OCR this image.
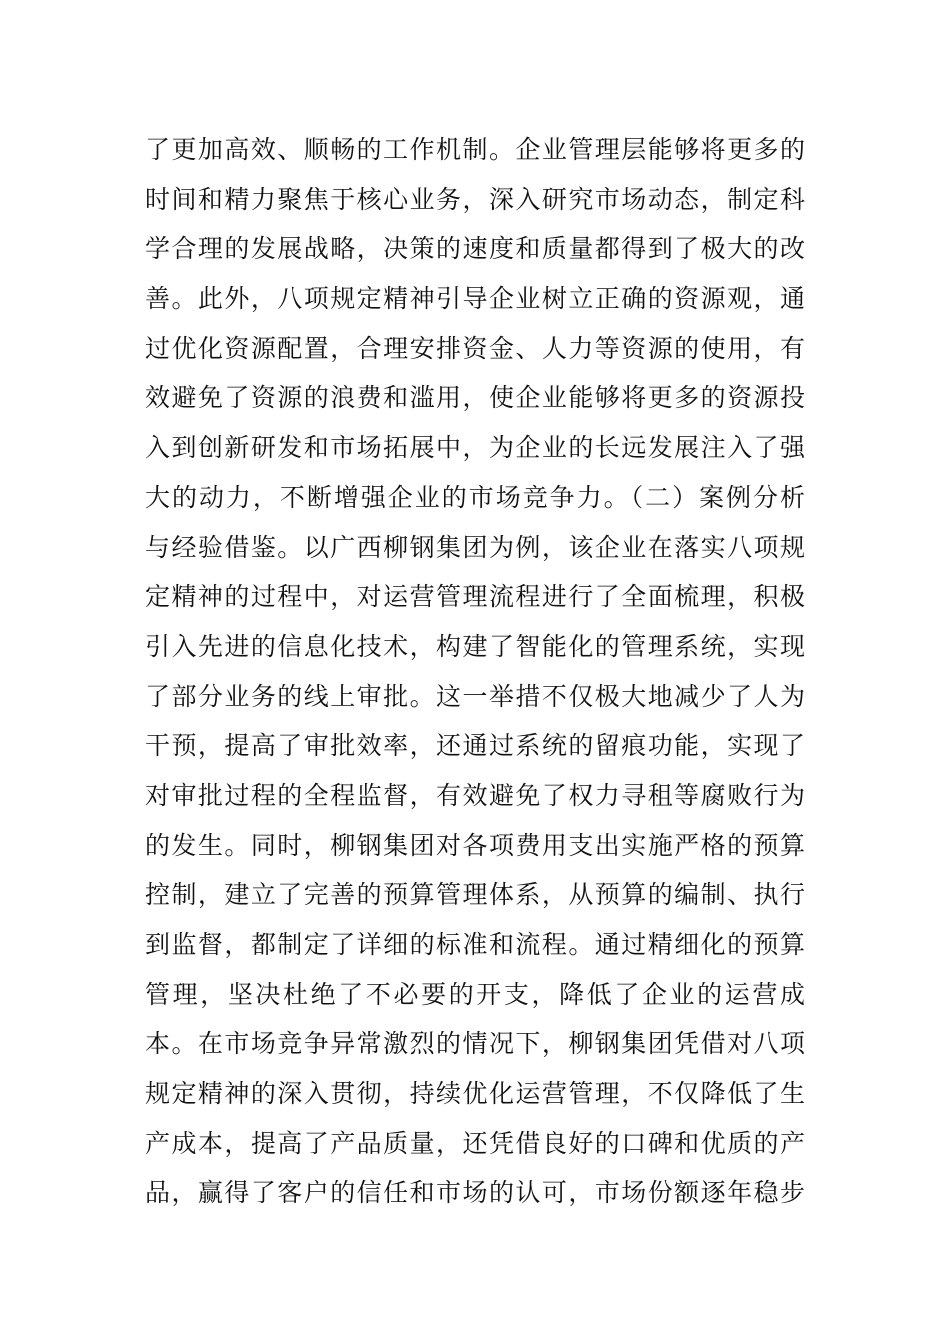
了更加高效、顺畅的工作机制。企业管理层能够将更多的
时间和精力聚焦于核心业务，深入研究市场动态，制定科
学合理的发展战略，决策的速度和质量都得到了极大的改
善。此外，八项规定精神引导企业树立正确的资源观，通
过优化资源配置，合理安排资金、人力等资源的使用，有
效避免了资源的浪费和滥用，使企业能够将更多的资源投
入到创新研发和市场拓展中，为企业的长远发展注入了强
大的动力，不断增强企业的市场竞争力。（二）案例分析
与经验借鉴。以广西柳钢集团为例，该企业在落实八项规
定精神的过程中，对运营管理流程进行了全面梳理，积极
引入先进的信息化技术，构建了智能化的管理系统，实现
了部分业务的线上审批。这一举措不仅极大地减少了人为
干预，提高了审批效率，还通过系统的留痕功能，实现了
对审批过程的全程监督，有效避免了权力寻租等腐败行为
的发生。同时，柳钢集团对各项费用支出实施严格的预算
控制，建立了完善的预算管理体系，从预算的编制、执行
到监督，都制定了详细的标准和流程。通过精细化的预算
管理，坚决杜绝了不必要的开支，降低了企业的运营成
本。在市场竞争异常激烈的情况下，柳钢集团凭借对八项
规定精神的深入贯彻，持续优化运营管理，不仅降低了生
产成本，提高了产品质量，还凭借良好的口碑和优质的产
品，赢得了客户的信任和市场的认可，市场份额逐年稳步
